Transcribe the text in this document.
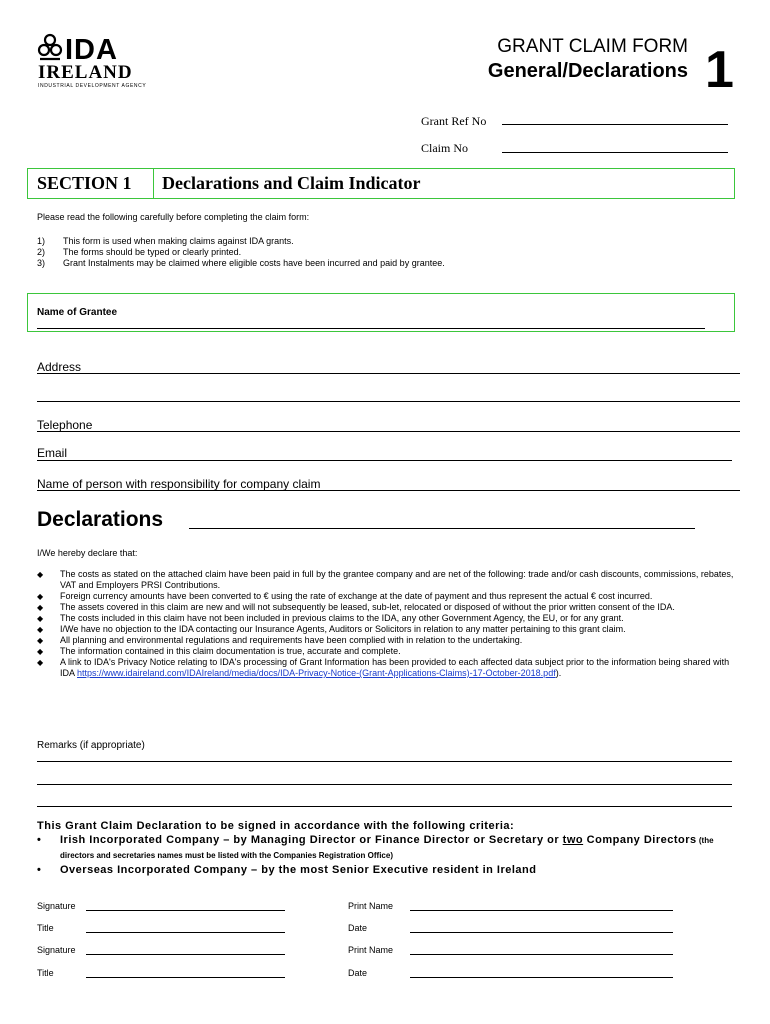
IDA
IRELAND
INDUSTRIAL DEVELOPMENT AGENCY
GRANT CLAIM FORM
General/Declarations 1
Grant Ref No
Claim No
SECTION 1	Declarations and Claim Indicator
Please read the following carefully before completing the claim form:
1) This form is used when making claims against IDA grants.
2) The forms should be typed or clearly printed.
3) Grant Instalments may be claimed where eligible costs have been incurred and paid by grantee.
Name of Grantee
Address
Telephone
Email
Name of person with responsibility for company claim
Declarations
I/We hereby declare that:
◆ The costs as stated on the attached claim have been paid in full by the grantee company and are net of the following: trade and/or cash discounts, commissions, rebates, VAT and Employers PRSI Contributions.
◆ Foreign currency amounts have been converted to € using the rate of exchange at the date of payment and thus represent the actual € cost incurred.
◆ The assets covered in this claim are new and will not subsequently be leased, sub-let, relocated or disposed of without the prior written consent of the IDA.
◆ The costs included in this claim have not been included in previous claims to the IDA, any other Government Agency, the EU, or for any grant.
◆ I/We have no objection to the IDA contacting our Insurance Agents, Auditors or Solicitors in relation to any matter pertaining to this grant claim.
◆ All planning and environmental regulations and requirements have been complied with in relation to the undertaking.
◆ The information contained in this claim documentation is true, accurate and complete.
◆ A link to IDA's Privacy Notice relating to IDA's processing of Grant Information has been provided to each affected data subject prior to the information being shared with IDA https://www.idaireland.com/IDAIreland/media/docs/IDA-Privacy-Notice-(Grant-Applications-Claims)-17-October-2018.pdf).
Remarks (if appropriate)
This Grant Claim Declaration to be signed in accordance with the following criteria:
• Irish Incorporated Company – by Managing Director or Finance Director or Secretary or two Company Directors (the directors and secretaries names must be listed with the Companies Registration Office)
• Overseas Incorporated Company – by the most Senior Executive resident in Ireland
Signature	Print Name
Title	Date
Signature	Print Name
Title	Date
